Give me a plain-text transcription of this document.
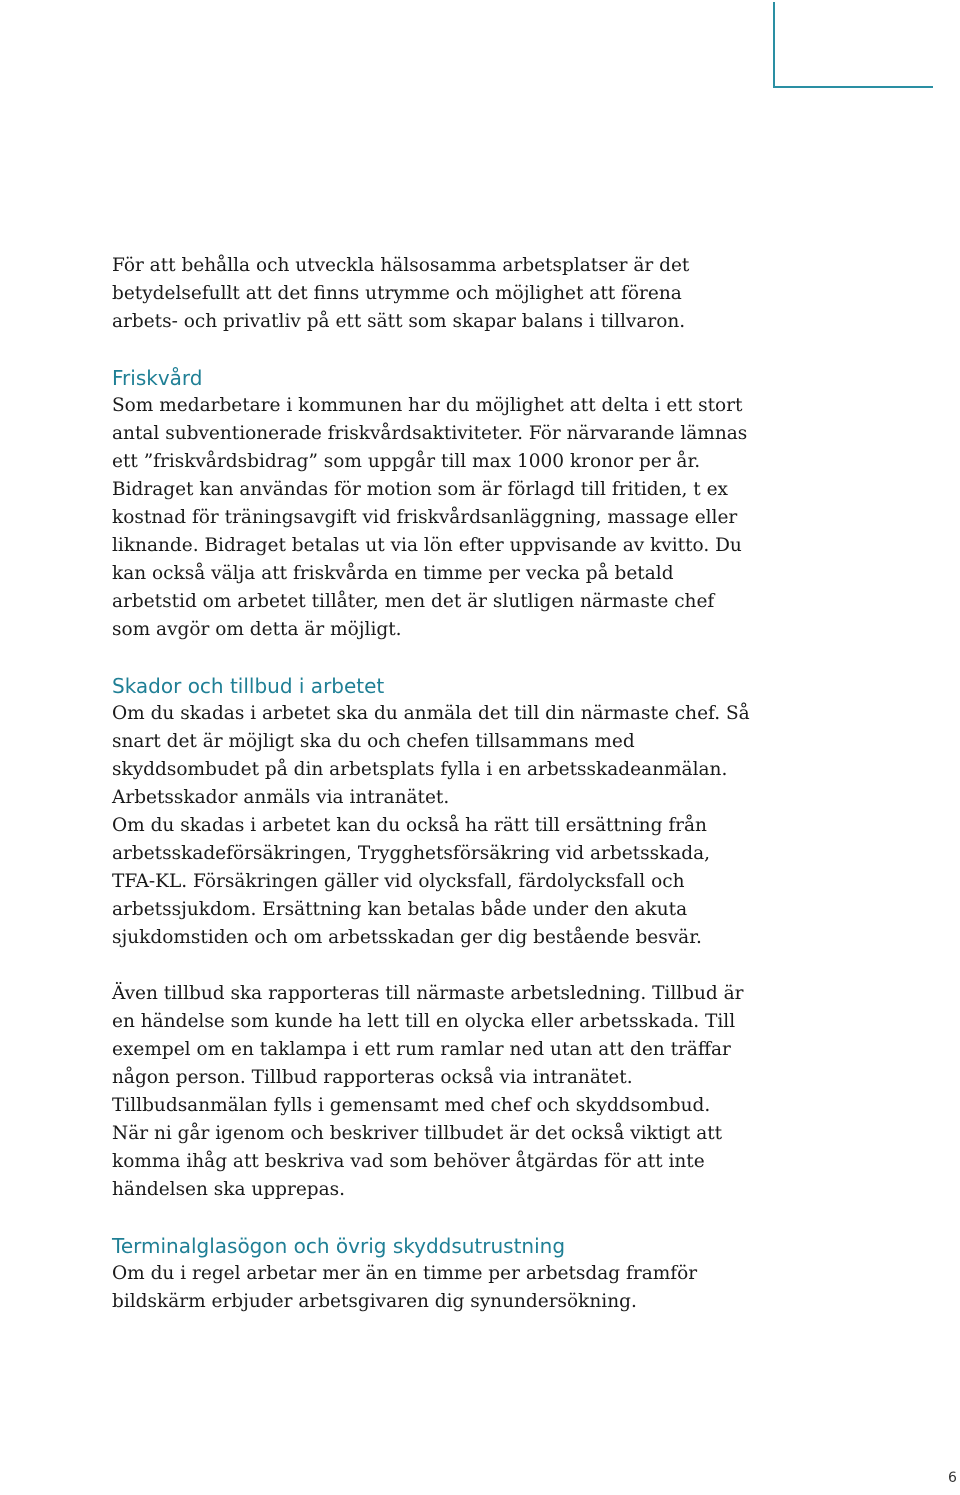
För att behålla och utveckla hälsosamma arbetsplatser är det betydelsefullt att det finns utrymme och möjlighet att förena arbets- och privatliv på ett sätt som skapar balans i tillvaron.

Friskvård

Som medarbetare i kommunen har du möjlighet att delta i ett stort antal subventionerade friskvårdsaktiviteter. För närvarande lämnas ett ”friskvårdsbidrag” som uppgår till max 1000 kronor per år. Bidraget kan användas för motion som är förlagd till fritiden, t ex kostnad för träningsavgift vid friskvårdsanläggning, massage eller liknande. Bidraget betalas ut via lön efter uppvisande av kvitto. Du kan också välja att friskvårda en timme per vecka på betald arbetstid om arbetet tillåter, men det är slutligen närmaste chef som avgör om detta är möjligt.

Skador och tillbud i arbetet

Om du skadas i arbetet ska du anmäla det till din närmaste chef. Så snart det är möjligt ska du och chefen tillsammans med skyddsombudet på din arbetsplats fylla i en arbetsskadeanmälan. Arbetsskador anmäls via intranätet.

Om du skadas i arbetet kan du också ha rätt till ersättning från arbetsskadeförsäkringen, Trygghetsförsäkring vid arbetsskada, TFA-KL. Försäkringen gäller vid olycksfall, färdolycksfall och arbetssjukdom. Ersättning kan betalas både under den akuta sjukdomstiden och om arbetsskadan ger dig bestående besvär.

Även tillbud ska rapporteras till närmaste arbetsledning. Tillbud är en händelse som kunde ha lett till en olycka eller arbetsskada. Till exempel om en taklampa i ett rum ramlar ned utan att den träffar någon person. Tillbud rapporteras också via intranätet. Tillbudsanmälan fylls i gemensamt med chef och skyddsombud. När ni går igenom och beskriver tillbudet är det också viktigt att komma ihåg att beskriva vad som behöver åtgärdas för att inte händelsen ska upprepas.

Terminalglasögon och övrig skyddsutrustning

Om du i regel arbetar mer än en timme per arbetsdag framför bildskärm erbjuder arbetsgivaren dig synundersökning.

6
